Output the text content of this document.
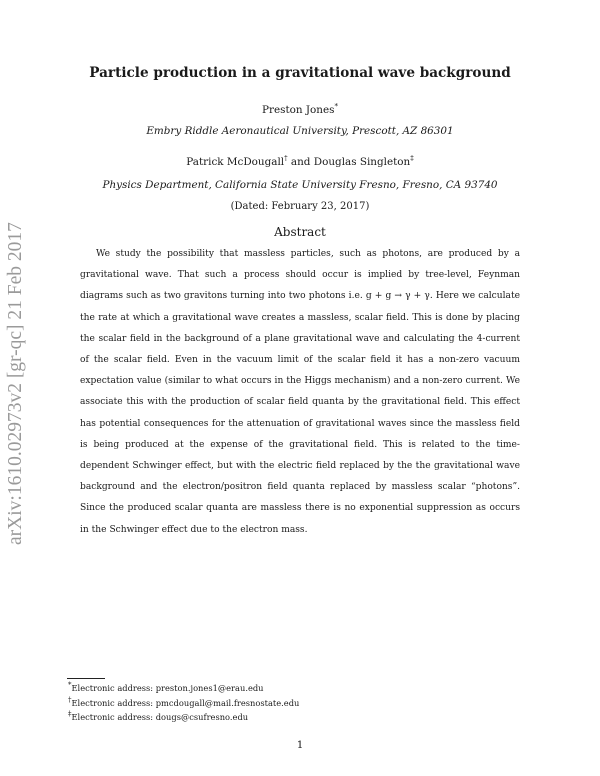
arXiv:1610.02973v2 [gr-qc] 21 Feb 2017
Particle production in a gravitational wave background
Preston Jones*
Embry Riddle Aeronautical University, Prescott, AZ 86301
Patrick McDougall† and Douglas Singleton‡
Physics Department, California State University Fresno, Fresno, CA 93740
(Dated: February 23, 2017)
Abstract

We study the possibility that massless particles, such as photons, are produced by a gravitational wave. That such a process should occur is implied by tree-level, Feynman diagrams such as two gravitons turning into two photons i.e. g + g → γ + γ. Here we calculate the rate at which a gravitational wave creates a massless, scalar field. This is done by placing the scalar field in the background of a plane gravitational wave and calculating the 4-current of the scalar field. Even in the vacuum limit of the scalar field it has a non-zero vacuum expectation value (similar to what occurs in the Higgs mechanism) and a non-zero current. We associate this with the production of scalar field quanta by the gravitational field. This effect has potential consequences for the attenuation of gravitational waves since the massless field is being produced at the expense of the gravitational field. This is related to the time-dependent Schwinger effect, but with the electric field replaced by the the gravitational wave background and the electron/positron field quanta replaced by massless scalar “photons”. Since the produced scalar quanta are massless there is no exponential suppression as occurs in the Schwinger effect due to the electron mass.

*Electronic address: preston.jones1@erau.edu
†Electronic address: pmcdougall@mail.fresnostate.edu
‡Electronic address: dougs@csufresno.edu
1
